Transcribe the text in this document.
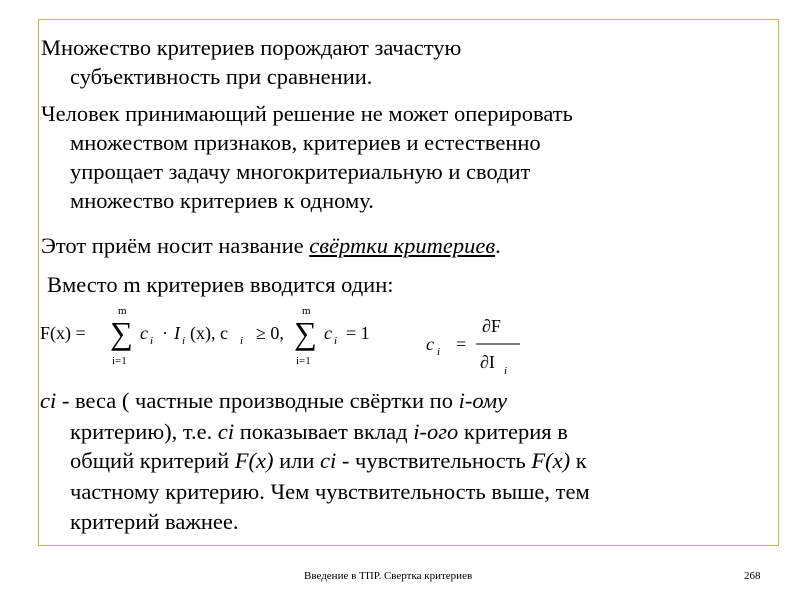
Множество критериев порождают зачастую
субъективность при сравнении.
Человек принимающий решение не может оперировать
множеством признаков, критериев и естественно
упрощает задачу многокритериальную и сводит
множество критериев к одному.
Этот приём носит название свёртки критериев.
Вместо m критериев вводится один:
F(x) =
m
∑
i=1
c i · I i (x), c i ≥ 0,
m
∑
i=1
c i = 1
c i =
∂F
∂I i
ci - веса ( частные производные свёртки по i-ому
критерию), т.е. ci показывает вклад i-ого критерия в
общий критерий F(x) или ci - чувствительность F(x) к
частному критерию. Чем чувствительность выше, тем
критерий важнее.
Введение в ТПР. Свертка критериев	268
